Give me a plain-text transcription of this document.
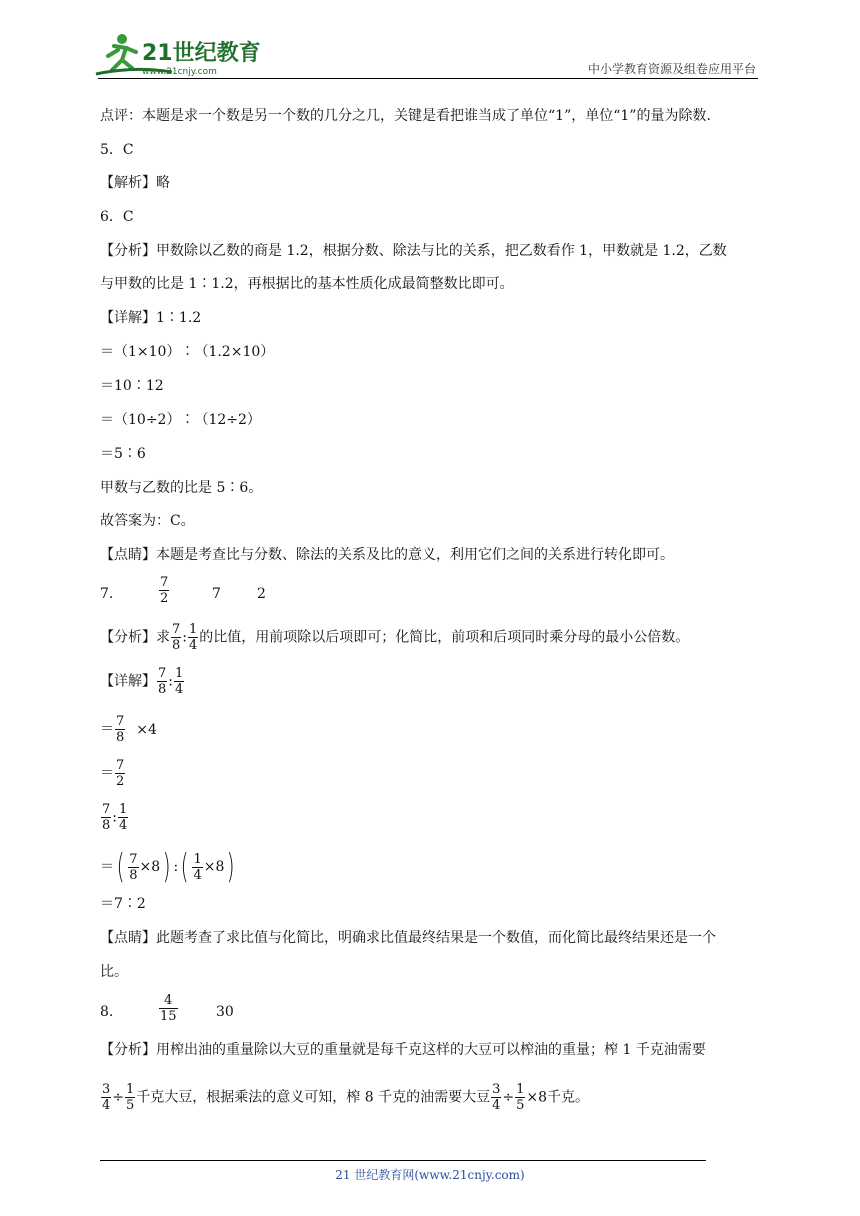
21世纪教育
www.21cnjy.com	中小学教育资源及组卷应用平台
点评：本题是求一个数是另一个数的几分之几，关键是看把谁当成了单位“1”，单位“1”的量为除数.
5．C
【解析】略
6．C
【分析】甲数除以乙数的商是 1.2，根据分数、除法与比的关系，把乙数看作 1，甲数就是 1.2，乙数
与甲数的比是 1∶1.2，再根据比的基本性质化成最简整数比即可。
【详解】1∶1.2
＝（1×10）∶（1.2×10）
＝10∶12
＝（10÷2）∶（12÷2）
＝5∶6
甲数与乙数的比是 5∶6。
故答案为：C。
【点睛】本题是考查比与分数、除法的关系及比的意义，利用它们之间的关系进行转化即可。
7.	$\frac{7}{2}$	7	2
【分析】求 $\frac{7}{8}$ : $\frac{1}{4}$ 的比值，用前项除以后项即可；化简比，前项和后项同时乘分母的最小公倍数。
【详解】 $\frac{7}{8}$ : $\frac{1}{4}$
＝ $\frac{7}{8} \times 4$
＝ $\frac{7}{2}$
$\frac{7}{8}$ : $\frac{1}{4}$
＝( $\frac{7}{8} \times 8$) :( $\frac{1}{4} \times 8$)
＝7∶2
【点睛】此题考查了求比值与化简比，明确求比值最终结果是一个数值，而化简比最终结果还是一个
比。
8.	$\frac{4}{15}$	30
【分析】用榨出油的重量除以大豆的重量就是每千克这样的大豆可以榨油的重量；榨 1 千克油需要
$\frac{3}{4} \div \frac{1}{5}$ 千克大豆，根据乘法的意义可知，榨 8 千克的油需要大豆 $\frac{3}{4} \div \frac{1}{5} \times 8$千克。
21 世纪教育网(www.21cnjy.com)
